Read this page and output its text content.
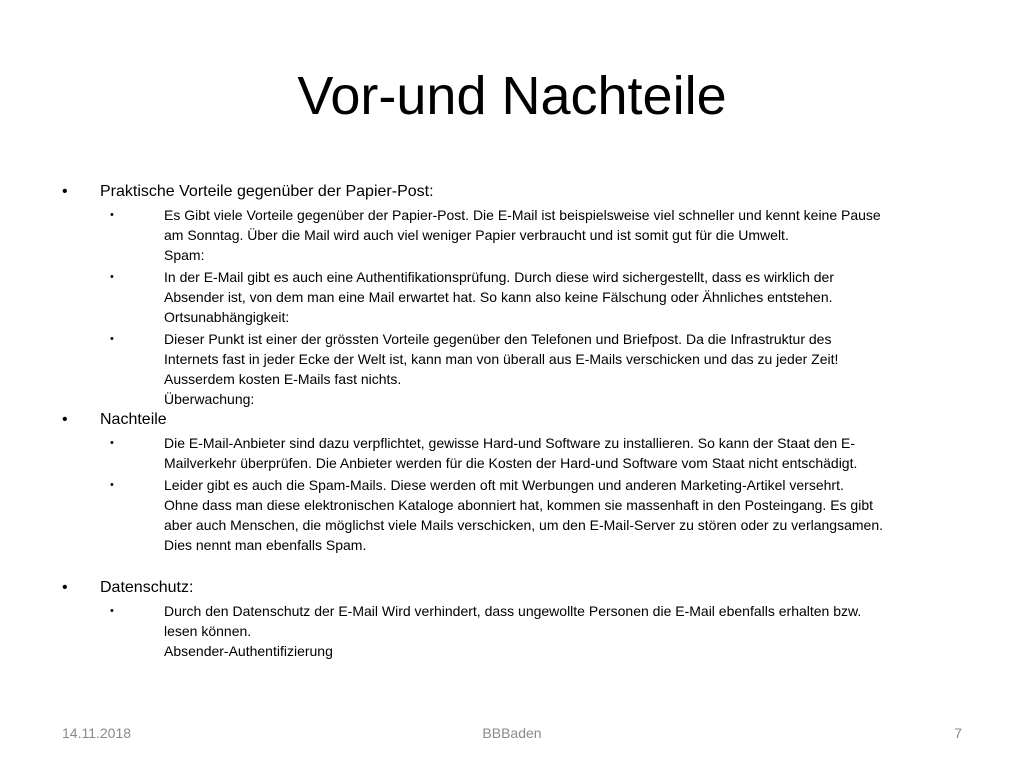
Vor-und Nachteile
• Praktische Vorteile gegenüber der Papier-Post:
•	Es Gibt viele Vorteile gegenüber der Papier-Post. Die E-Mail ist beispielsweise viel schneller und kennt keine Pause
am Sonntag. Über die Mail wird auch viel weniger Papier verbraucht und ist somit gut für die Umwelt.
Spam:
•	In der E-Mail gibt es auch eine Authentifikationsprüfung. Durch diese wird sichergestellt, dass es wirklich der
Absender ist, von dem man eine Mail erwartet hat. So kann also keine Fälschung oder Ähnliches entstehen.
Ortsunabhängigkeit:
•	Dieser Punkt ist einer der grössten Vorteile gegenüber den Telefonen und Briefpost. Da die Infrastruktur des
Internets fast in jeder Ecke der Welt ist, kann man von überall aus E-Mails verschicken und das zu jeder Zeit!
Ausserdem kosten E-Mails fast nichts.
Überwachung:
• Nachteile
•	Die E-Mail-Anbieter sind dazu verpflichtet, gewisse Hard-und Software zu installieren. So kann der Staat den E-
Mailverkehr überprüfen. Die Anbieter werden für die Kosten der Hard-und Software vom Staat nicht entschädigt.
•	Leider gibt es auch die Spam-Mails. Diese werden oft mit Werbungen und anderen Marketing-Artikel versehrt.
Ohne dass man diese elektronischen Kataloge abonniert hat, kommen sie massenhaft in den Posteingang. Es gibt
aber auch Menschen, die möglichst viele Mails verschicken, um den E-Mail-Server zu stören oder zu verlangsamen.
Dies nennt man ebenfalls Spam.
• Datenschutz:
•	Durch den Datenschutz der E-Mail Wird verhindert, dass ungewollte Personen die E-Mail ebenfalls erhalten bzw.
lesen können.
Absender-Authentifizierung
14.11.2018	BBBaden	7
